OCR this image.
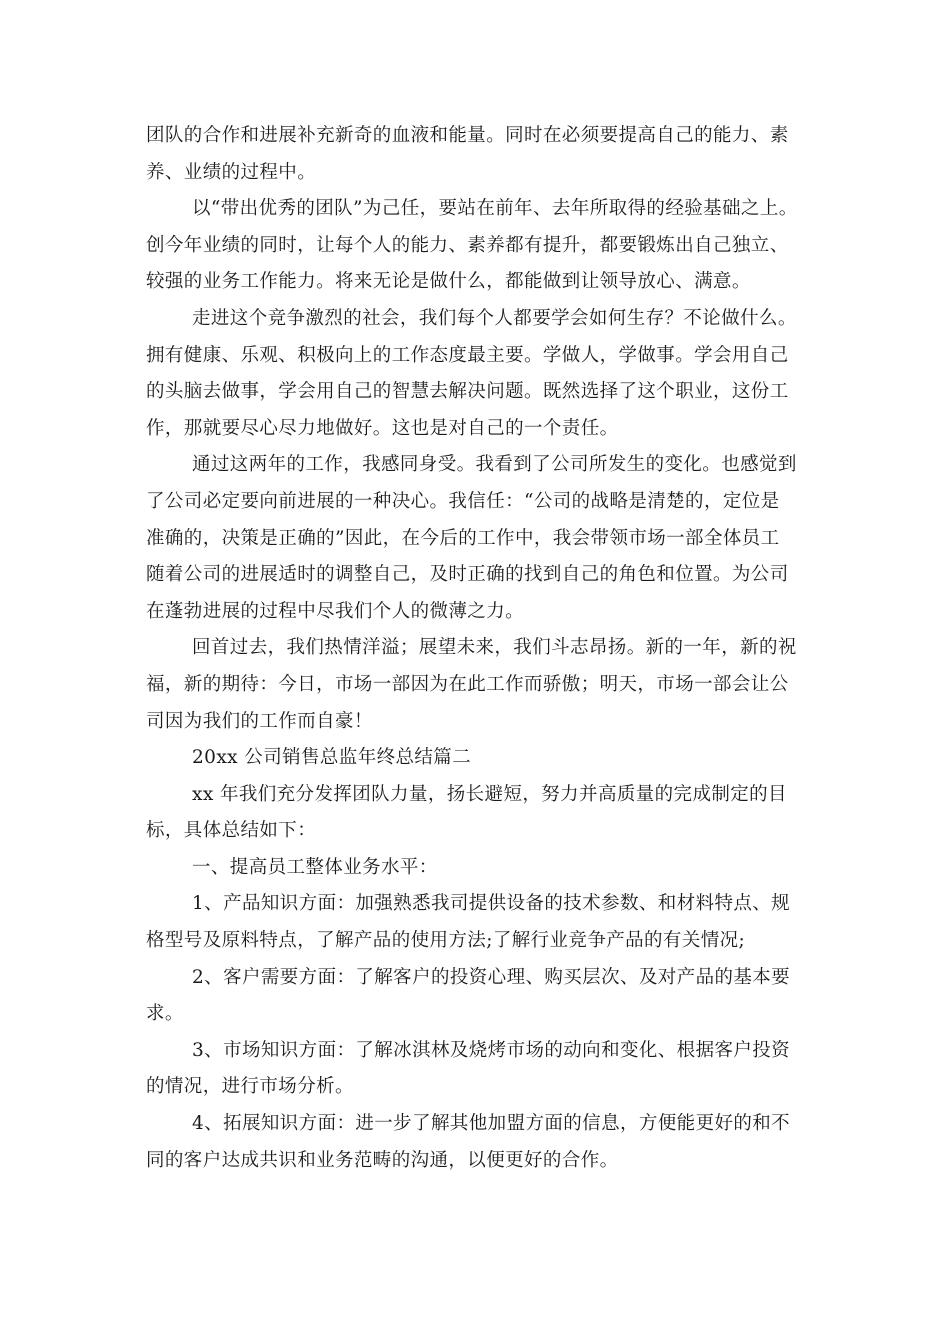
团队的合作和进展补充新奇的血液和能量。同时在必须要提高自己的能力、素
养、业绩的过程中。
以“带出优秀的团队”为己任，要站在前年、去年所取得的经验基础之上。
创今年业绩的同时，让每个人的能力、素养都有提升，都要锻炼出自己独立、
较强的业务工作能力。将来无论是做什么，都能做到让领导放心、满意。
走进这个竞争激烈的社会，我们每个人都要学会如何生存？不论做什么。
拥有健康、乐观、积极向上的工作态度最主要。学做人，学做事。学会用自己
的头脑去做事，学会用自己的智慧去解决问题。既然选择了这个职业，这份工
作，那就要尽心尽力地做好。这也是对自己的一个责任。
通过这两年的工作，我感同身受。我看到了公司所发生的变化。也感觉到
了公司必定要向前进展的一种决心。我信任：“公司的战略是清楚的，定位是
准确的，决策是正确的”因此，在今后的工作中，我会带领市场一部全体员工
随着公司的进展适时的调整自己，及时正确的找到自己的角色和位置。为公司
在蓬勃进展的过程中尽我们个人的微薄之力。
回首过去，我们热情洋溢；展望未来，我们斗志昂扬。新的一年，新的祝
福，新的期待：今日，市场一部因为在此工作而骄傲；明天，市场一部会让公
司因为我们的工作而自豪！
20xx 公司销售总监年终总结篇二
xx 年我们充分发挥团队力量，扬长避短，努力并高质量的完成制定的目
标，具体总结如下：
一、提高员工整体业务水平：
1、产品知识方面：加强熟悉我司提供设备的技术参数、和材料特点、规
格型号及原料特点，了解产品的使用方法;了解行业竞争产品的有关情况;
2、客户需要方面：了解客户的投资心理、购买层次、及对产品的基本要
求。
3、市场知识方面：了解冰淇林及烧烤市场的动向和变化、根据客户投资
的情况，进行市场分析。
4、拓展知识方面：进一步了解其他加盟方面的信息，方便能更好的和不
同的客户达成共识和业务范畴的沟通，以便更好的合作。
